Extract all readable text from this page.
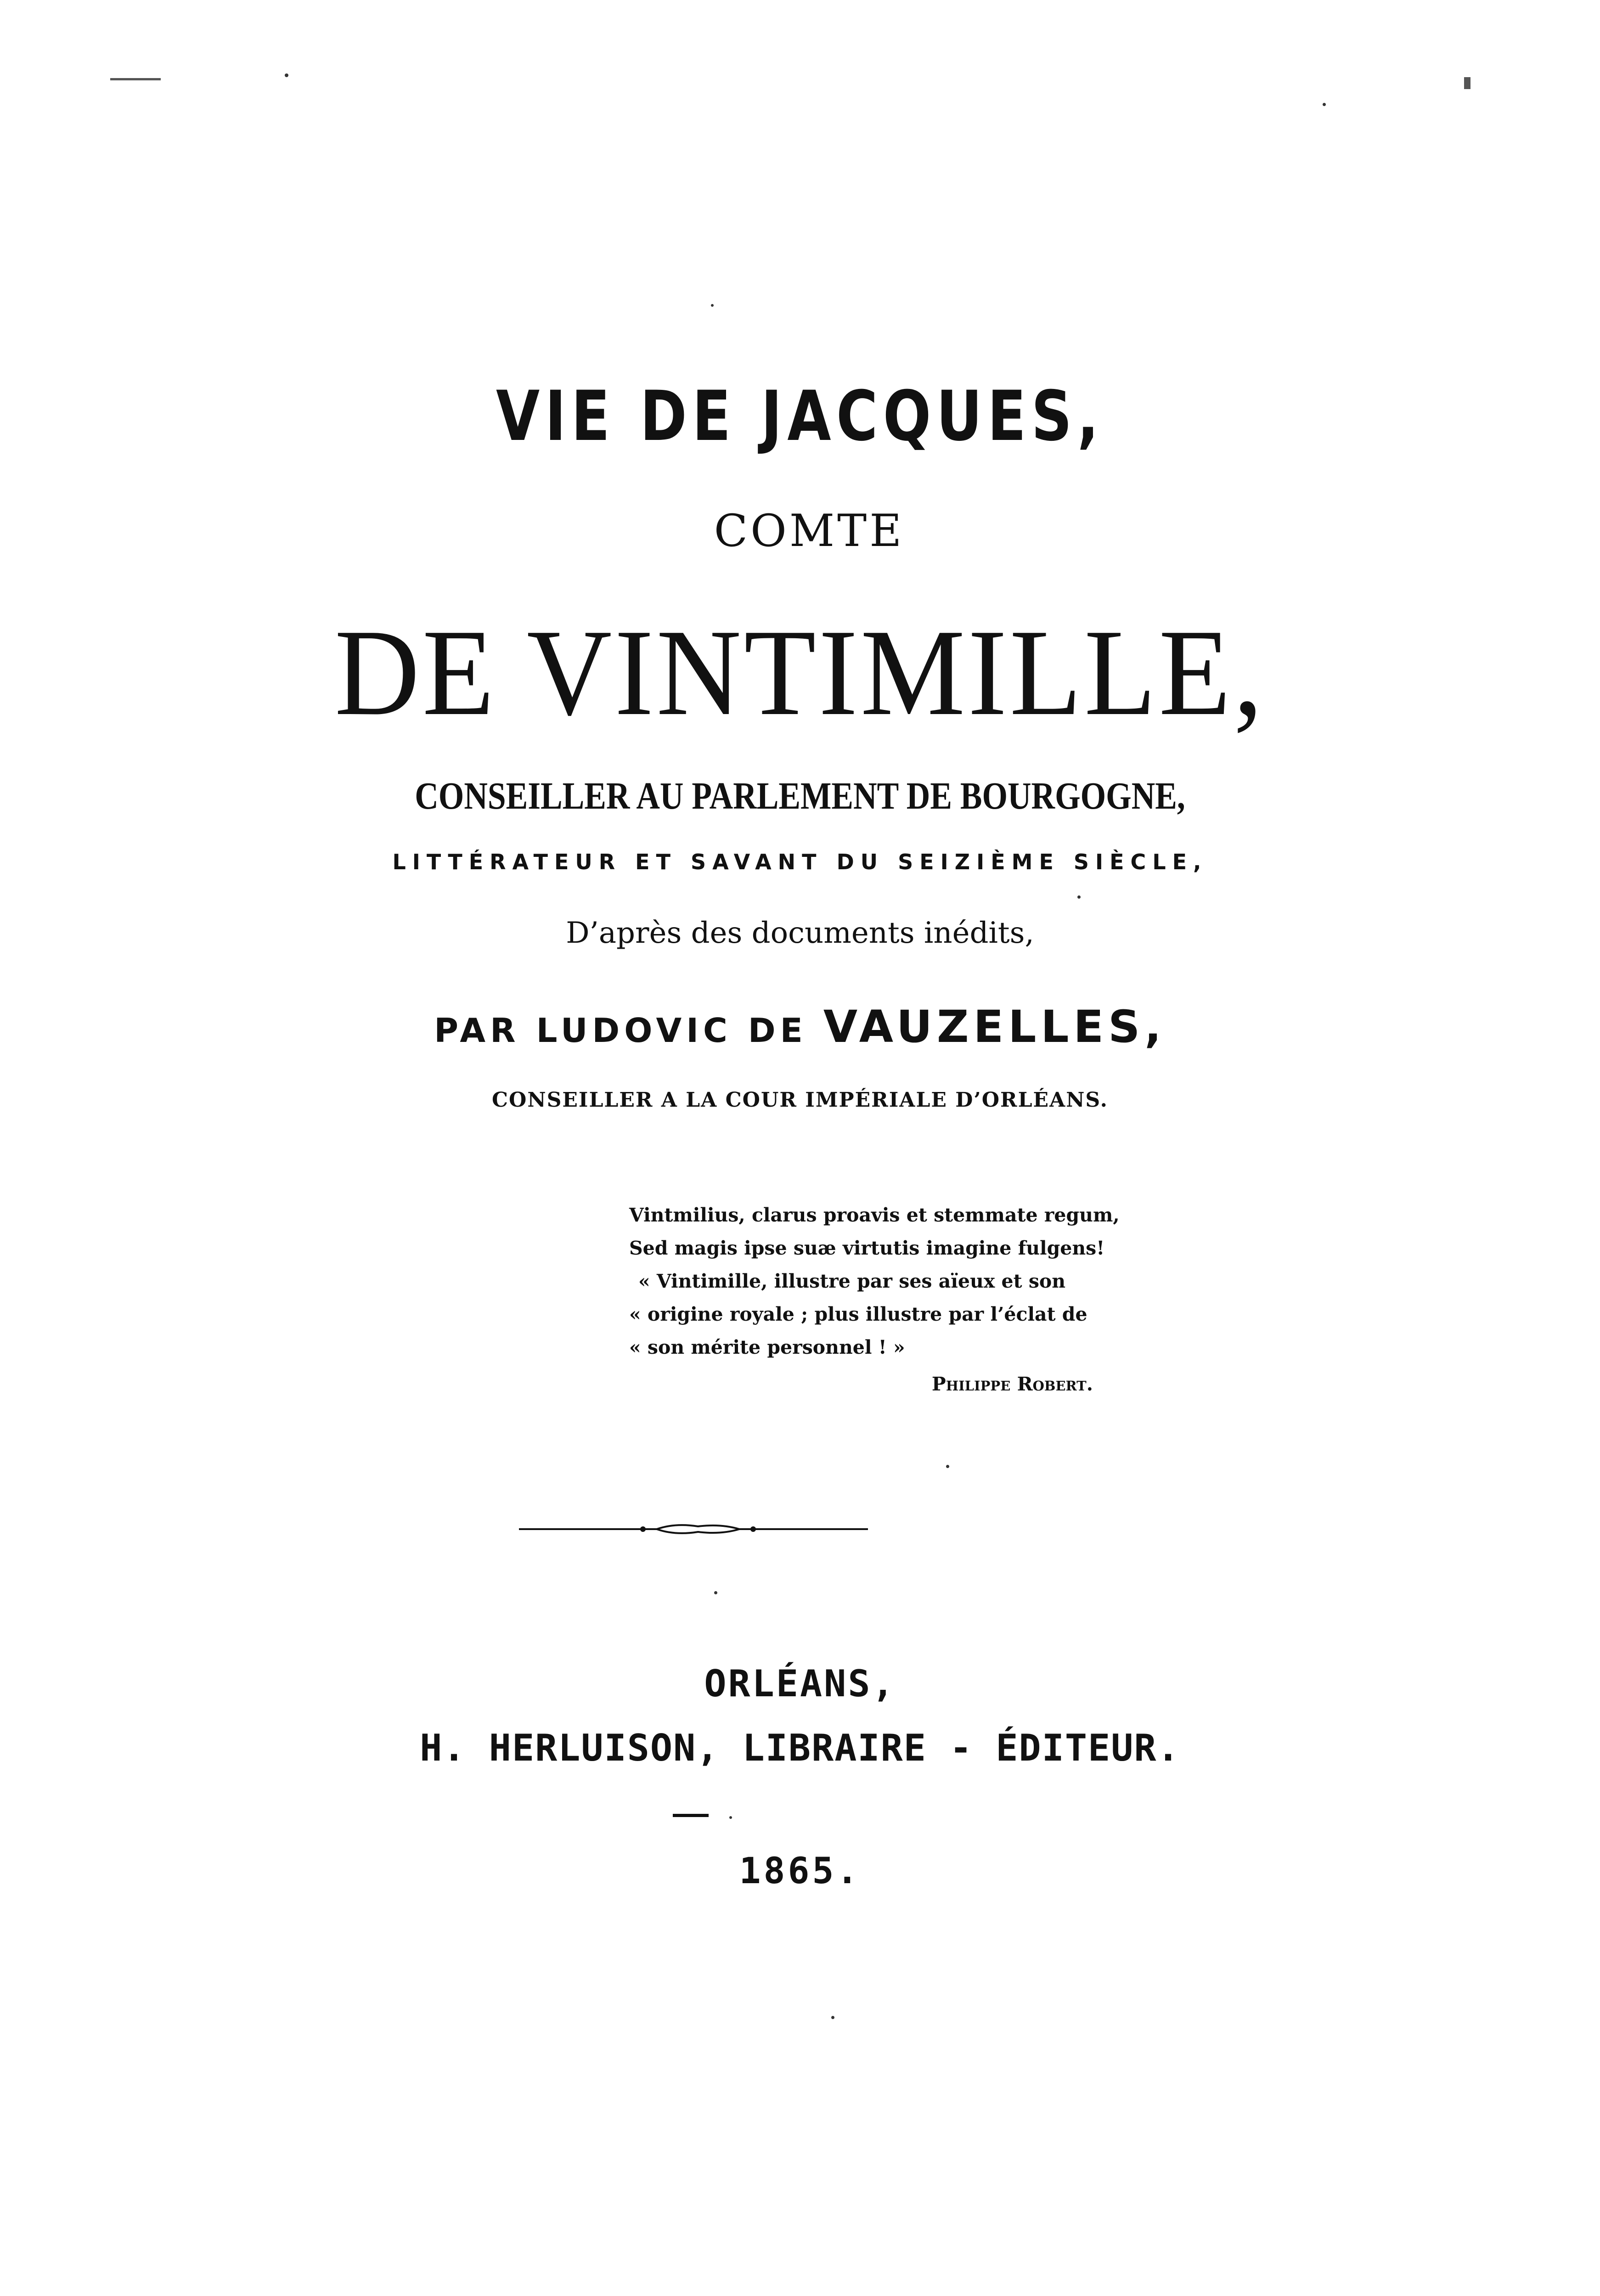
VIE DE JACQUES,
COMTE
DE VINTIMILLE,
CONSEILLER AU PARLEMENT DE BOURGOGNE,
LITTÉRATEUR ET SAVANT DU SEIZIÈME SIÈCLE,
D’après des documents inédits,
PAR LUDOVIC DE VAUZELLES,
CONSEILLER A LA COUR IMPÉRIALE D’ORLÉANS.
Vintmilius, clarus proavis et stemmate regum,
Sed magis ipse suæ virtutis imagine fulgens!
« Vintimille, illustre par ses aïeux et son
« origine royale ; plus illustre par l’éclat de
« son mérite personnel ! »
Philippe Robert.
ORLÉANS,
H. HERLUISON, LIBRAIRE - ÉDITEUR.
1865.
210. e. 88.
